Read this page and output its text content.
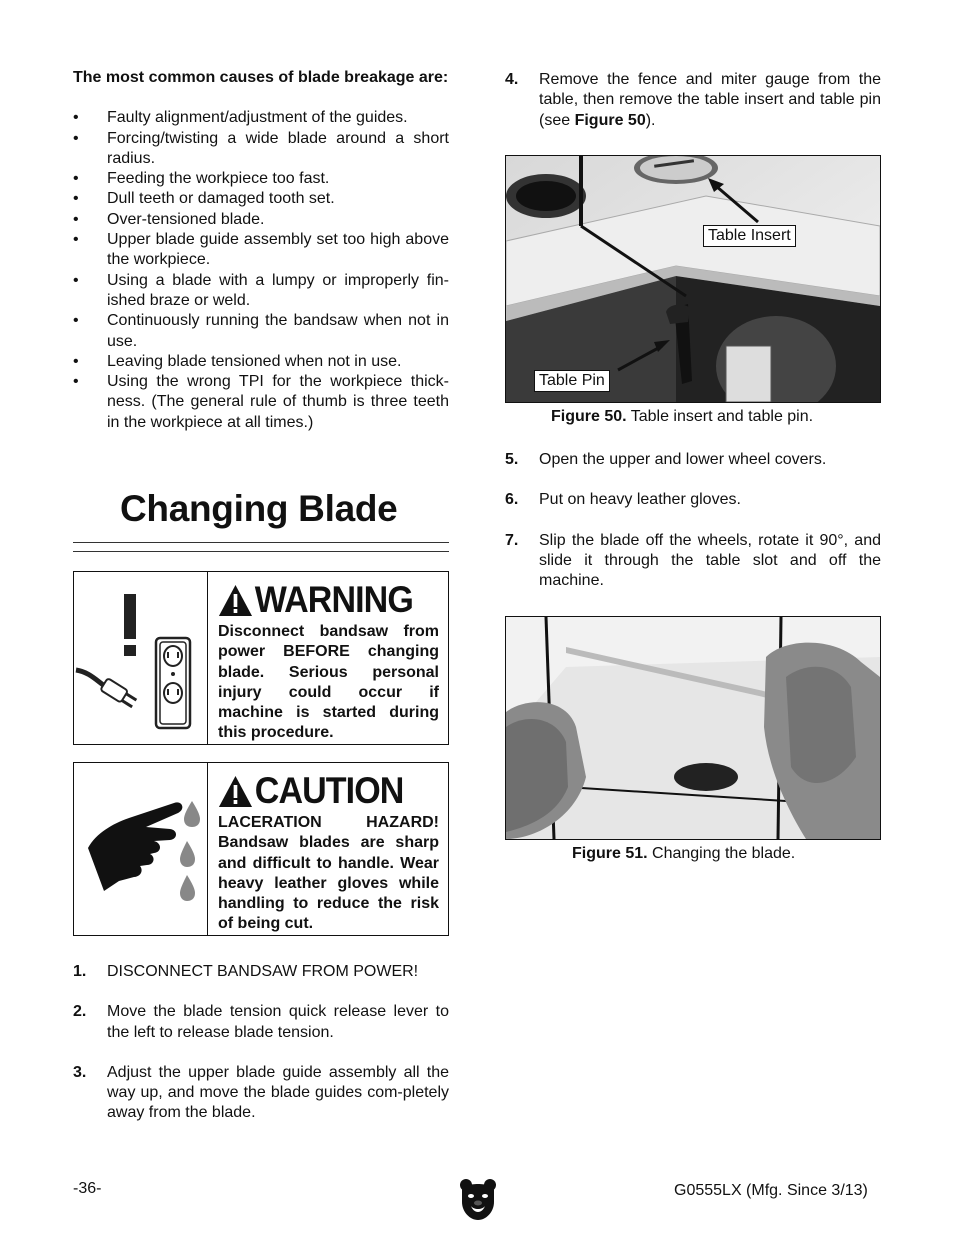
The most common causes of blade breakage are:

• Faulty alignment/adjustment of the guides.
• Forcing/twisting a wide blade around a short radius.
• Feeding the workpiece too fast.
• Dull teeth or damaged tooth set.
• Over-tensioned blade.
• Upper blade guide assembly set too high above the workpiece.
• Using a blade with a lumpy or improperly fin-ished braze or weld.
• Continuously running the bandsaw when not in use.
• Leaving blade tensioned when not in use.
• Using the wrong TPI for the workpiece thick-ness. (The general rule of thumb is three teeth in the workpiece at all times.)
Changing Blade
WARNING

Disconnect bandsaw from power BEFORE changing blade. Serious personal injury could occur if machine is started during this procedure.

CAUTION

LACERATION HAZARD! Bandsaw blades are sharp and difficult to handle. Wear heavy leather gloves while handling to reduce the risk of being cut.

1. DISCONNECT BANDSAW FROM POWER!
2. Move the blade tension quick release lever to the left to release blade tension.
3. Adjust the upper blade guide assembly all the way up, and move the blade guides com-pletely away from the blade.
4. Remove the fence and miter gauge from the table, then remove the table insert and table pin (see Figure 50).
Table Insert
Table Pin
Figure 50. Table insert and table pin.
5. Open the upper and lower wheel covers.
6. Put on heavy leather gloves.
7. Slip the blade off the wheels, rotate it 90°, and slide it through the table slot and off the machine.
Figure 51. Changing the blade.
-36-	G0555LX (Mfg. Since 3/13)
